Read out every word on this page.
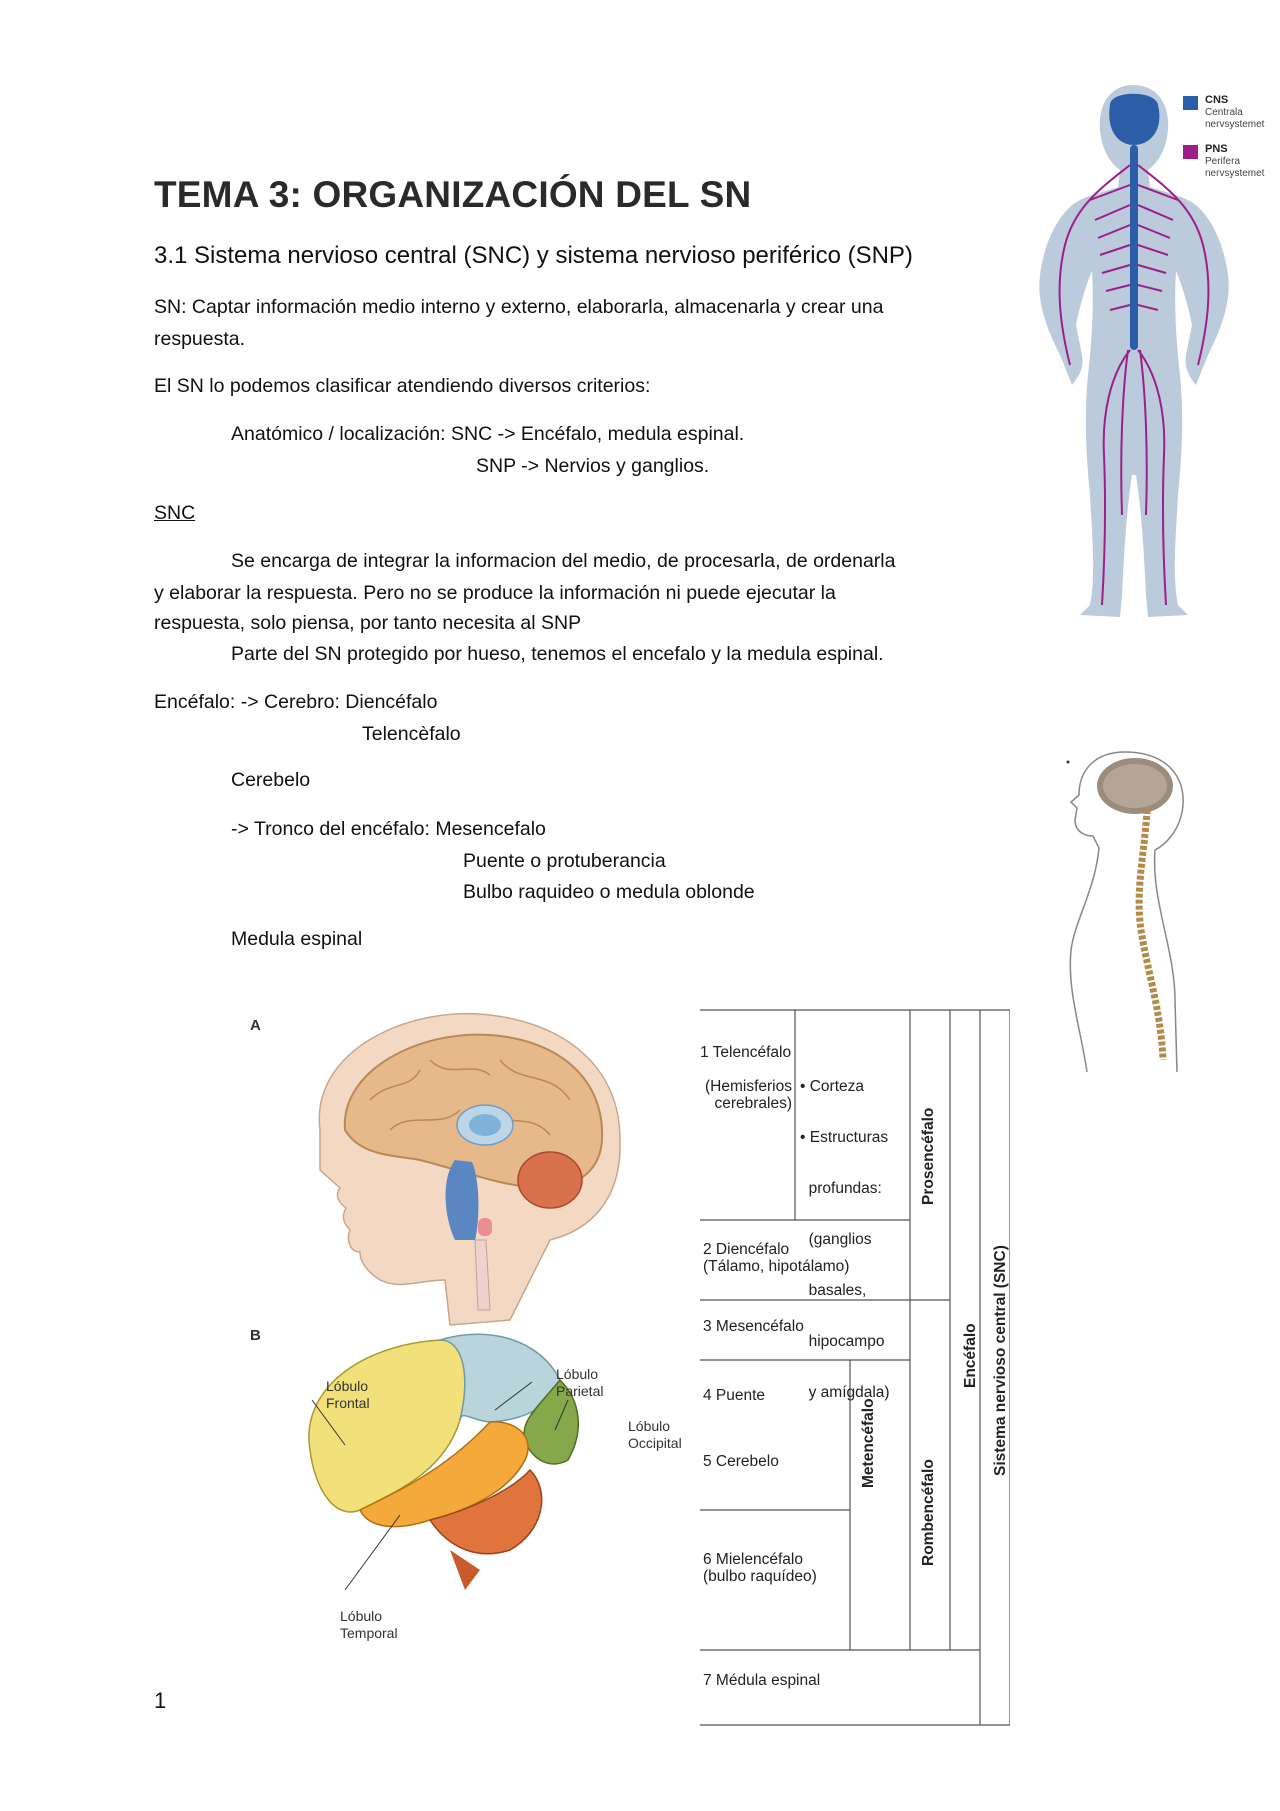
TEMA 3: ORGANIZACIÓN DEL SN
3.1 Sistema nervioso central (SNC) y sistema nervioso periférico (SNP)
SN: Captar información medio interno y externo, elaborarla, almacenarla y crear una
respuesta.
El SN lo podemos clasificar atendiendo diversos criterios:
Anatómico / localización: SNC -> Encéfalo, medula espinal.
SNP -> Nervios y ganglios.
SNC
Se encarga de integrar la informacion del medio, de procesarla, de ordenarla
y elaborar la respuesta. Pero no se produce la información ni puede ejecutar la
respuesta, solo piensa, por tanto necesita al SNP
Parte del SN protegido por hueso, tenemos el encefalo y la medula espinal.
Encéfalo: -> Cerebro: Diencéfalo
Telencèfalo
Cerebelo
-> Tronco del encéfalo: Mesencefalo
Puente o protuberancia
Bulbo raquideo o medula oblonde
Medula espinal
1
CNS
Centrala
nervsystemet
PNS
Perifera
nervsystemet
A
B
Lóbulo
Frontal
Lóbulo
Parietal
Lóbulo
Occipital
Lóbulo
Temporal
1 Telencéfalo
(Hemisferios
cerebrales)

• Corteza

• Estructuras

profundas:

(ganglios

basales,

hipocampo

y amígdala)

2 Diencéfalo
(Tálamo, hipotálamo)
3 Mesencéfalo
4 Puente
5 Cerebelo
6 Mielencéfalo
(bulbo raquídeo)
7 Médula espinal
Prosencéfalo
Metencéfalo
Rombencéfalo
Encéfalo Sistema nervioso central (SNC)
